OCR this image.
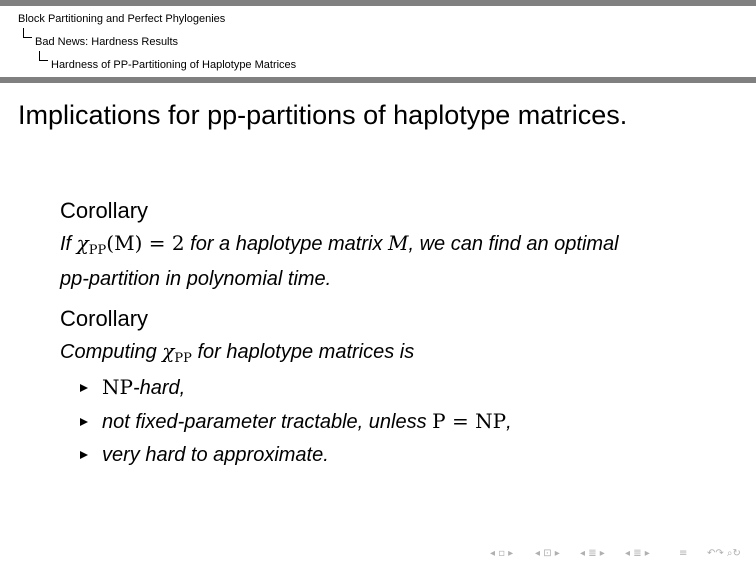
Block Partitioning and Perfect Phylogenies
Bad News: Hardness Results
Hardness of PP-Partitioning of Haplotype Matrices
Implications for pp-partitions of haplotype matrices.
Corollary
If $\chi_{PP}(M) = 2$ for a haplotype matrix M, we can find an optimal
pp-partition in polynomial time.
Corollary
Computing $\chi_{PP}$ for haplotype matrices is
NP-hard,
not fixed-parameter tractable, unless P = NP,
very hard to approximate.
◂ ▫ ▸ ◂ ⊡ ▸ ◂ ≣ ▸ ◂ ≣ ▸	≡ ↶↷ ⌕↻
